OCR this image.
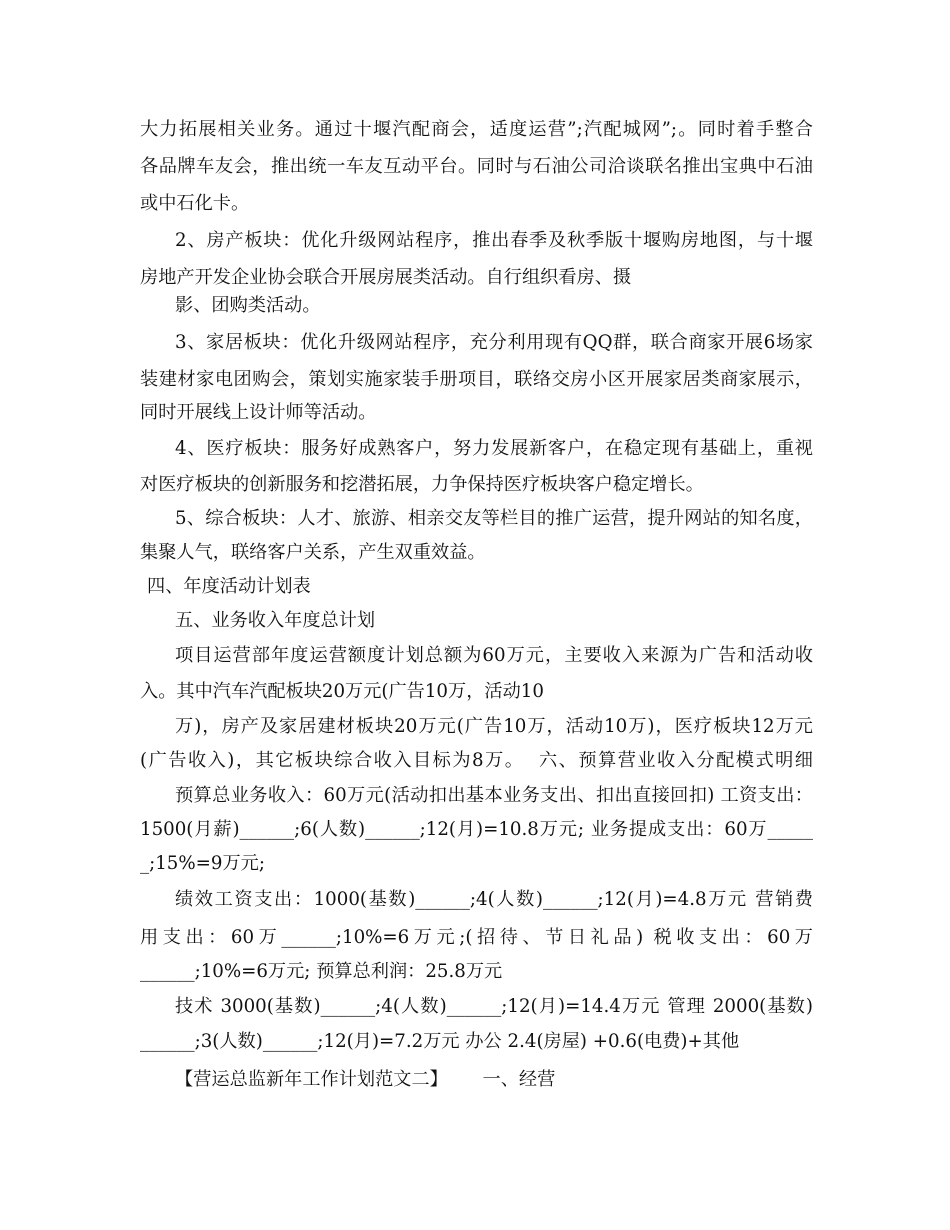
大力拓展相关业务。通过十堰汽配商会，适度运营”;汽配城网”;。同时着手整合

各品牌车友会，推出统一车友互动平台。同时与石油公司洽谈联名推出宝典中石油

或中石化卡。

2、房产板块：优化升级网站程序，推出春季及秋季版十堰购房地图，与十堰

房地产开发企业协会联合开展房展类活动。自行组织看房、摄

影、团购类活动。

3、家居板块：优化升级网站程序，充分利用现有QQ群，联合商家开展6场家

装建材家电团购会，策划实施家装手册项目，联络交房小区开展家居类商家展示，

同时开展线上设计师等活动。

4、医疗板块：服务好成熟客户，努力发展新客户，在稳定现有基础上，重视

对医疗板块的创新服务和挖潜拓展，力争保持医疗板块客户稳定增长。

5、综合板块：人才、旅游、相亲交友等栏目的推广运营，提升网站的知名度，

集聚人气，联络客户关系，产生双重效益。

四、年度活动计划表

五、业务收入年度总计划

项目运营部年度运营额度计划总额为60万元，主要收入来源为广告和活动收

入。其中汽车汽配板块20万元(广告10万，活动10

万)，房产及家居建材板块20万元(广告10万，活动10万)，医疗板块12万元

(广告收入)，其它板块综合收入目标为8万。  六、预算营业收入分配模式明细

预算总业务收入：60万元(活动扣出基本业务支出、扣出直接回扣) 工资支出：

1500(月薪)______;6(人数)______;12(月)=10.8万元; 业务提成支出：60万_____

_;15%=9万元;

绩效工资支出：1000(基数)______;4(人数)______;12(月)=4.8万元 营销费

用支出：60万______;10%=6万元;(招待、节日礼品) 税收支出：60万

______;10%=6万元; 预算总利润：25.8万元

技术 3000(基数)______;4(人数)______;12(月)=14.4万元 管理 2000(基数)

______;3(人数)______;12(月)=7.2万元 办公 2.4(房屋) +0.6(电费)+其他

【营运总监新年工作计划范文二】      一、经营
